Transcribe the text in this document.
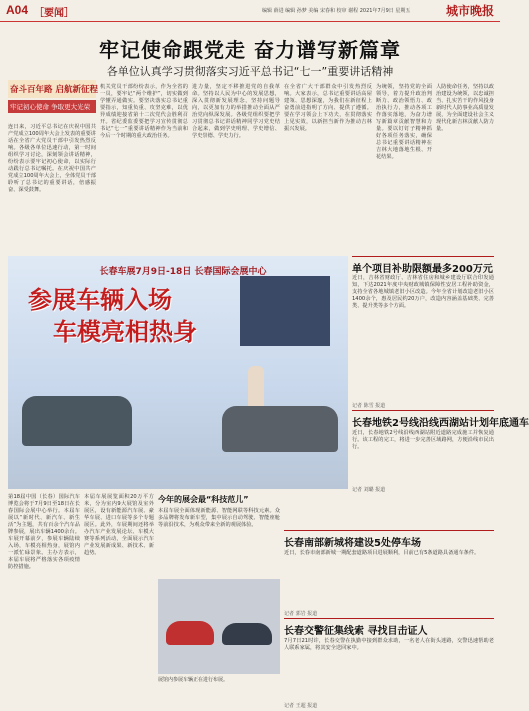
A04 ［要闻］	编辑 薛进 编辑 孙梦 美编 宋春和 校审 谢程 2021年7月9日 星期五	城市晚报
牢记使命跟党走 奋力谱写新篇章
各单位认真学习贯彻落实习近平总书记“七一”重要讲话精神
奋斗百年路 启航新征程
牢记初心使命 争取更大光荣
连日来，习近平总书记在庆祝中国共产党成立100周年大会上发表的重要讲话在全省广大党员干部中引发热烈反响。各级各单位迅速行动，第一时间组织学习讨论，深刻领会讲话精神，纷纷表示要牢记初心使命，以实际行动践行总书记嘱托。在庆祝中国共产党成立100周年大会上，全体党员干部聆听了总书记的重要讲话，倍感振奋、深受鼓舞。
机关党员干部纷纷表示，作为全省的一员，要牢记“两个维护”，切实做到学懂弄通做实。要坚决落实总书记重要指示，知重负重、攻坚克难，以优异成绩迎接省第十二次党代会胜利召开。省纪委监委要把学习宣传贯彻总书记“七一”重要讲话精神作为当前和今后一个时期的重大政治任务。
进力量，坚定不移推进党的自我革命。坚持以人民为中心的发展思想，深入贯彻新发展理念，坚持问题导向，以更加有力的举措推动全面从严治党向纵深发展。各级党组织要把学习贯彻总书记讲话精神同学习党史结合起来，做到学史明理、学史增信、学史崇德、学史力行。
在全省广大干部群众中引发热烈反响。大家表示，总书记重要讲话高屋建瓴、思想深邃，为我们在新征程上奋勇前进指明了方向、提供了遵循。要在学习领会上下功夫，在贯彻落实上见实效，以新担当新作为推动吉林振兴发展。
为统领，坚持党的全面领导，着力提升政治判断力、政治领悟力、政治执行力，推动各项工作落实落地，为奋力谱写新篇章贡献智慧和力量。要以钉钉子精神抓好各项任务落实，确保总书记重要讲话精神在吉林大地落地生根、开花结果。
人防使命任务，坚持以政治建设为统领，以忠诚担当、扎实苦干的作风投身新时代人防事业高质量发展，为全面建设社会主义现代化新吉林贡献人防力量。
长春车展7月9日-18日 长春国际会展中心
参展车辆入场
车模亮相热身
第18届中国（长春）国际汽车博览会将于7月9日至18日在长春国际会展中心举行。本届车展以“新时代、新汽车、新生活”为主题，共有百余个汽车品牌参展，展出车辆1400余台。车展开幕前夕，参展车辆陆续入场，车模亮相热身，展馆内一派忙碌景象。主办方表示，本届车展将严格落实各项疫情防控措施。
本届车展展览面积20万平方米，分为室内9大展馆及室外展区，设有新能源汽车展、豪华车展、进口车展等多个专题展区。此外，车展期间还将举办汽车产业发展论坛、车模大赛等系列活动，全面展示汽车产业发展新成果、新技术、新趋势。
今年的展会最“科技范儿”
本届车展全面体现新能源、智能网联等科技元素。众多品牌将发布新车型，集中展示自动驾驶、智能座舱等前沿技术，为观众带来全新的观展体验。
展馆内参展车辆正在进行布展。
单个项目补助限额最多200万元
近日，吉林省财政厅、吉林省住房和城乡建设厅联合印发通知，下达2021年度中央财政城镇保障性安居工程补助资金，支持全省各地城镇老旧小区改造。今年全省计划改造老旧小区1400余个，惠及居民约20万户，改造内容涵盖基础类、完善类、提升类等多个方面。
记者 陈雪 报道
长春地铁2号线沿线西湖站计划年底通车
近日，长春地铁2号线沿线西湖站附近道路完成施工并恢复通行。该工程的完工，将进一步完善区域路网，方便沿线市民出行。
记者 刘璐 报道
长春南部新城将建设5处停车场
近日，长春市南部新城一期配套道路项目进展顺利，目前已有5条道路具备通车条件。
记者 郭岩 报道
长春交警征集线索 寻找目击证人
7月7日21时许，长春交警在执勤中接到群众求助，一名老人在街头迷路，交警迅速帮助老人联系家属，将其安全送回家中。
记者 王超 报道
